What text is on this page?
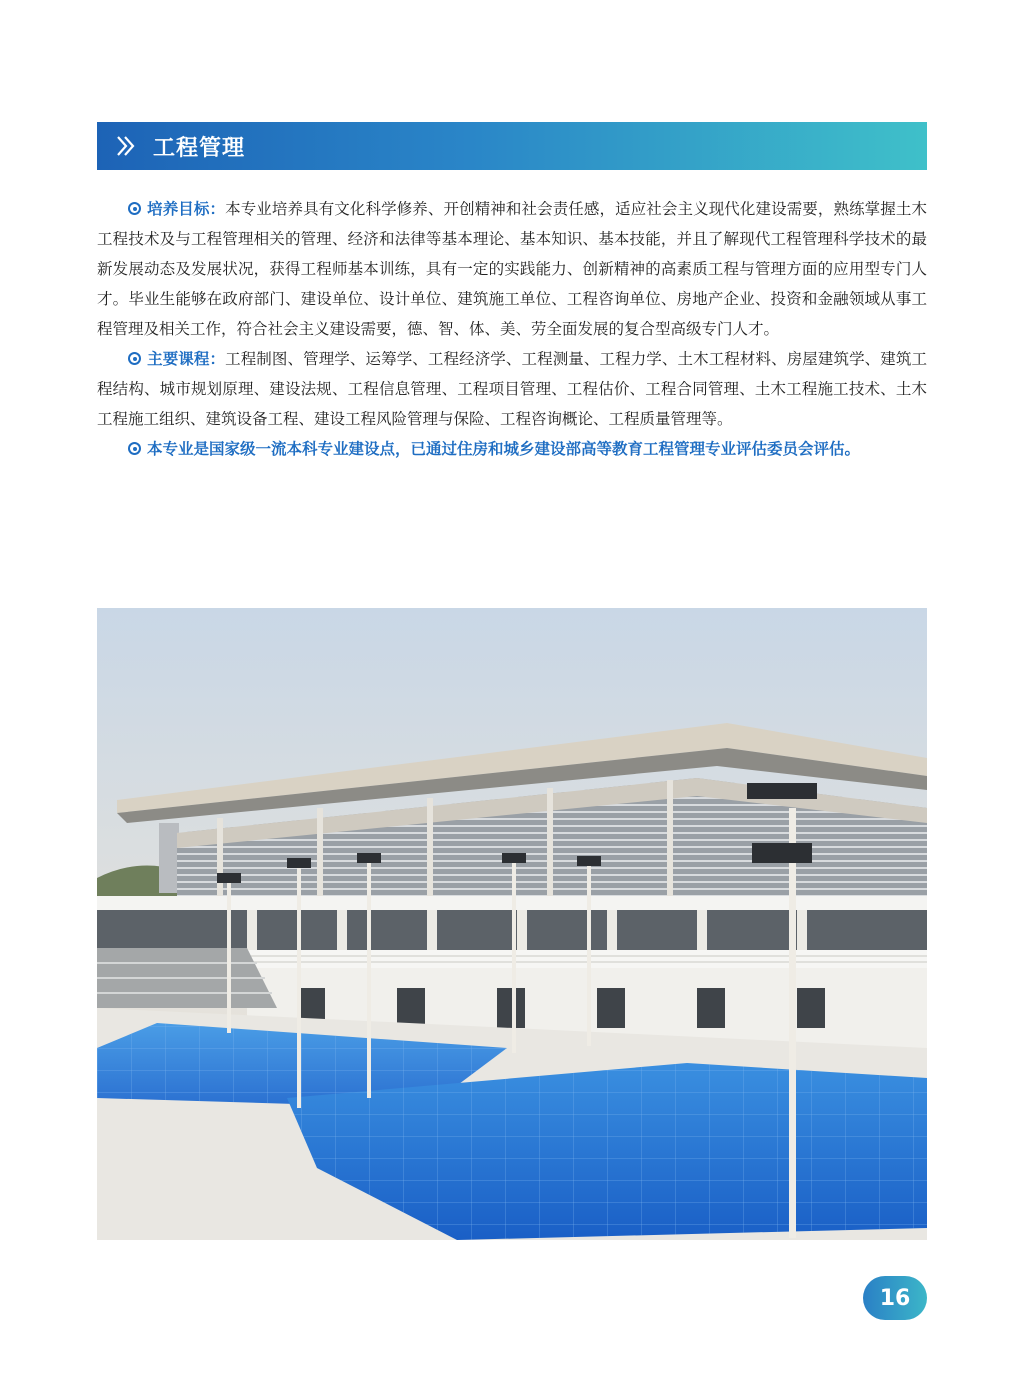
工程管理

培养目标：本专业培养具有文化科学修养、开创精神和社会责任感，适应社会主义现代化建设需要，熟练掌握土木工程技术及与工程管理相关的管理、经济和法律等基本理论、基本知识、基本技能，并且了解现代工程管理科学技术的最新发展动态及发展状况，获得工程师基本训练，具有一定的实践能力、创新精神的高素质工程与管理方面的应用型专门人才。毕业生能够在政府部门、建设单位、设计单位、建筑施工单位、工程咨询单位、房地产企业、投资和金融领域从事工程管理及相关工作，符合社会主义建设需要，德、智、体、美、劳全面发展的复合型高级专门人才。

主要课程：工程制图、管理学、运筹学、工程经济学、工程测量、工程力学、土木工程材料、房屋建筑学、建筑工程结构、城市规划原理、建设法规、工程信息管理、工程项目管理、工程估价、工程合同管理、土木工程施工技术、土木工程施工组织、建筑设备工程、建设工程风险管理与保险、工程咨询概论、工程质量管理等。

本专业是国家级一流本科专业建设点，已通过住房和城乡建设部高等教育工程管理专业评估委员会评估。

16
